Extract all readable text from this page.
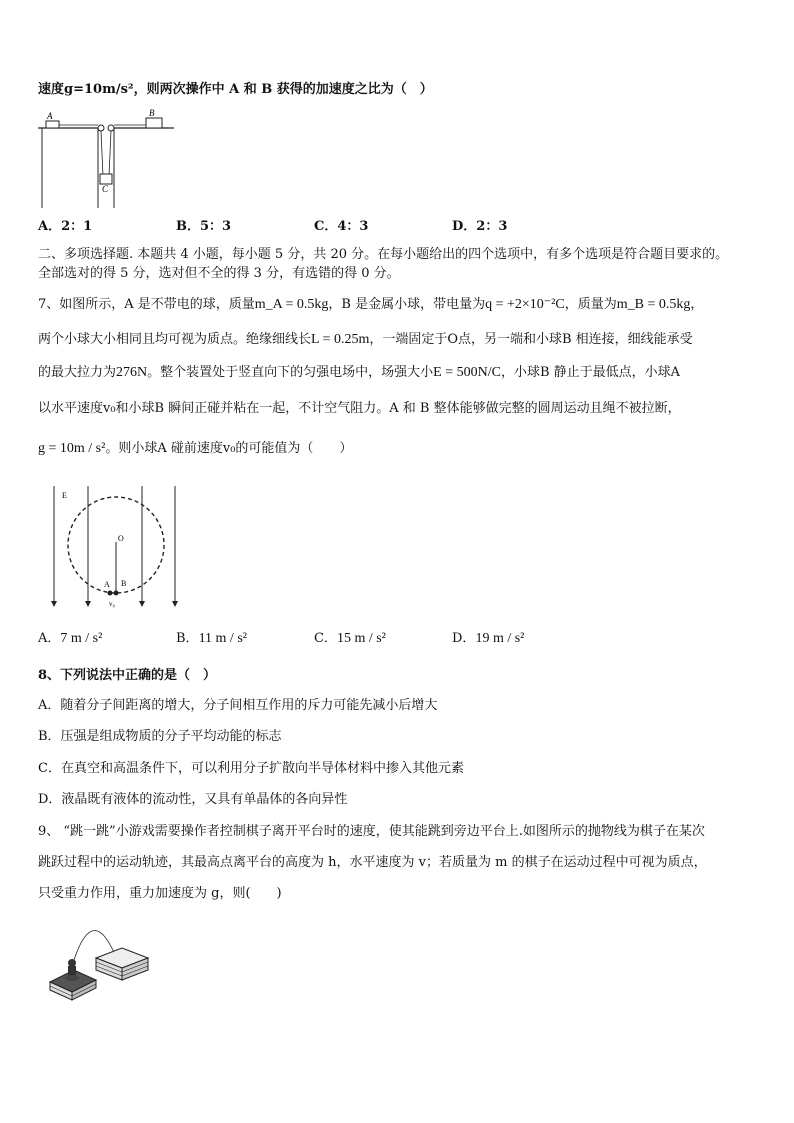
速度g=10m/s²，则两次操作中 A 和 B 获得的加速度之比为（　）
A	B
C
A．2：1	B．5：3	C．4：3	D．2：3
二、多项选择题. 本题共 4 小题，每小题 5 分，共 20 分。在每小题给出的四个选项中，有多个选项是符合题目要求的。
全部选对的得 5 分，选对但不全的得 3 分，有选错的得 0 分。
7、如图所示，A 是不带电的球，质量m_A = 0.5kg，B 是金属小球，带电量为q = +2×10⁻²C，质量为m_B = 0.5kg，
两个小球大小相同且均可视为质点。绝缘细线长L = 0.25m，一端固定于O点，另一端和小球B 相连接，细线能承受
的最大拉力为276N。整个装置处于竖直向下的匀强电场中，场强大小E = 500N/C，小球B 静止于最低点，小球A
以水平速度v₀和小球B 瞬间正碰并粘在一起，不计空气阻力。A 和 B 整体能够做完整的圆周运动且绳不被拉断，
g = 10m / s²。则小球A 碰前速度v₀的可能值为（　　）
E
O
A B
v₀
A．7 m / s²	B．11 m / s²	C．15 m / s²	D．19 m / s²
8、下列说法中正确的是（　）
A．随着分子间距离的增大，分子间相互作用的斥力可能先减小后增大
B．压强是组成物质的分子平均动能的标志
C．在真空和高温条件下，可以利用分子扩散向半导体材料中掺入其他元素
D．液晶既有液体的流动性，又具有单晶体的各向异性
9、 “跳一跳”小游戏需要操作者控制棋子离开平台时的速度，使其能跳到旁边平台上.如图所示的抛物线为棋子在某次
跳跃过程中的运动轨迹，其最高点离平台的高度为 h，水平速度为 v；若质量为 m 的棋子在运动过程中可视为质点，
只受重力作用，重力加速度为 g，则(　　)
